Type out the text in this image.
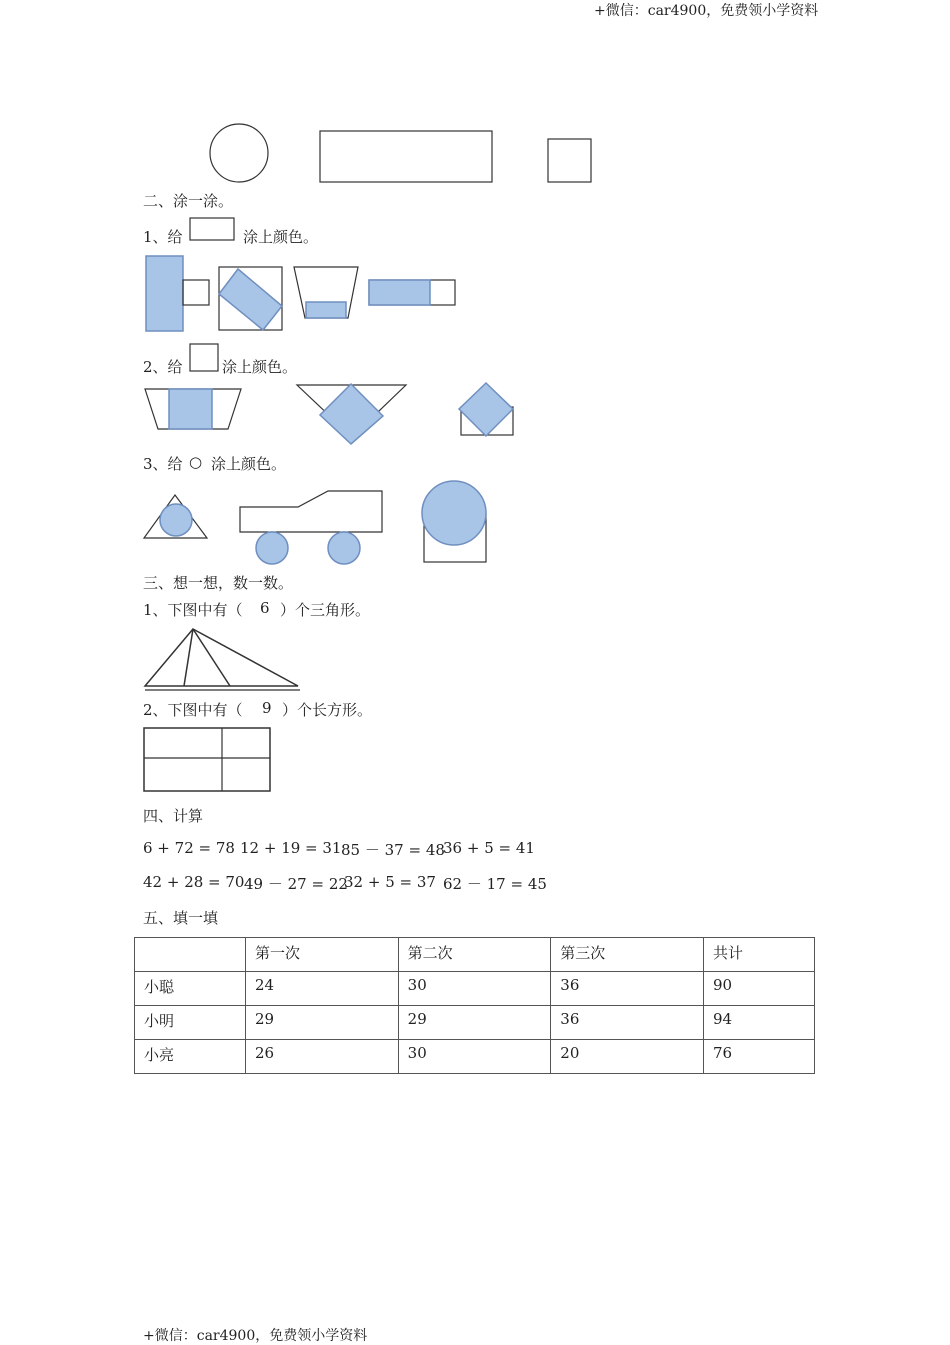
+微信：car4900，免费领小学资料
+微信：car4900，免费领小学资料
二、涂一涂。
1、给	涂上颜色。
2、给	涂上颜色。
3、给 ○ 涂上颜色。
三、想一想，数一数。
1、下图中有（ 6 ）个三角形。
2、下图中有（ 9 ）个长方形。
四、计算
6 + 72 = 78 12 + 19 = 31 85 － 37 = 48
36 + 5 = 41
42 + 28 = 70 49 － 27 = 22
32 + 5 = 37 62 － 17 = 45
五、填一填
	第一次	第二次	第三次	共计
小聪	24	30	36	90
小明	29	29	36	94
小亮	26	30	20	76
